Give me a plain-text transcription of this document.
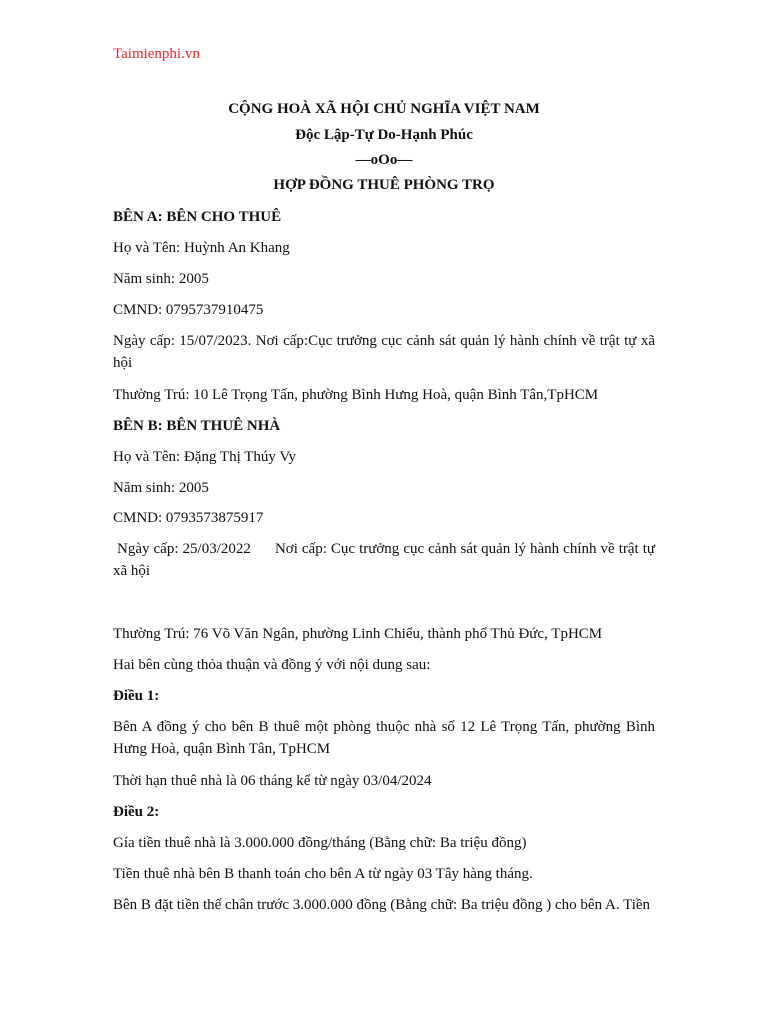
Taimienphi.vn
CỘNG HOÀ XÃ HỘI CHỦ NGHĨA VIỆT NAM
Độc Lập-Tự Do-Hạnh Phúc
—oOo—
HỢP ĐỒNG THUÊ PHÒNG TRỌ
BÊN A: BÊN CHO THUÊ
Họ và Tên: Huỳnh An Khang
Năm sinh: 2005
CMND: 0795737910475
Ngày cấp: 15/07/2023. Nơi cấp:Cục trưởng cục cảnh sát quản lý hành chính về trật tự xã hội
Thường Trú: 10 Lê Trọng Tấn, phường Bình Hưng Hoà, quận Bình Tân,TpHCM
BÊN B: BÊN THUÊ NHÀ
Họ và Tên: Đặng Thị Thúy Vy
Năm sinh: 2005
CMND: 0793573875917
Ngày cấp: 25/03/2022      Nơi cấp: Cục trưởng cục cảnh sát quản lý hành chính về trật tự xã hội
Thường Trú: 76 Võ Văn Ngân, phường Linh Chiểu, thành phố Thủ Đức, TpHCM
Hai bên cùng thỏa thuận và đồng ý với nội dung sau:
Điều 1:
Bên A đồng ý cho bên B thuê một phòng thuộc nhà số 12 Lê Trọng Tấn, phường Bình Hưng Hoà, quận Bình Tân, TpHCM
Thời hạn thuê nhà là 06 tháng kể từ ngày 03/04/2024
Điều 2:
Gía tiền thuê nhà là 3.000.000 đồng/tháng (Bằng chữ: Ba triệu đồng)
Tiền thuê nhà bên B thanh toán cho bên A từ ngày 03 Tây hàng tháng.
Bên B đặt tiền thế chân trước 3.000.000 đồng (Bằng chữ: Ba triệu đồng ) cho bên A. Tiền
